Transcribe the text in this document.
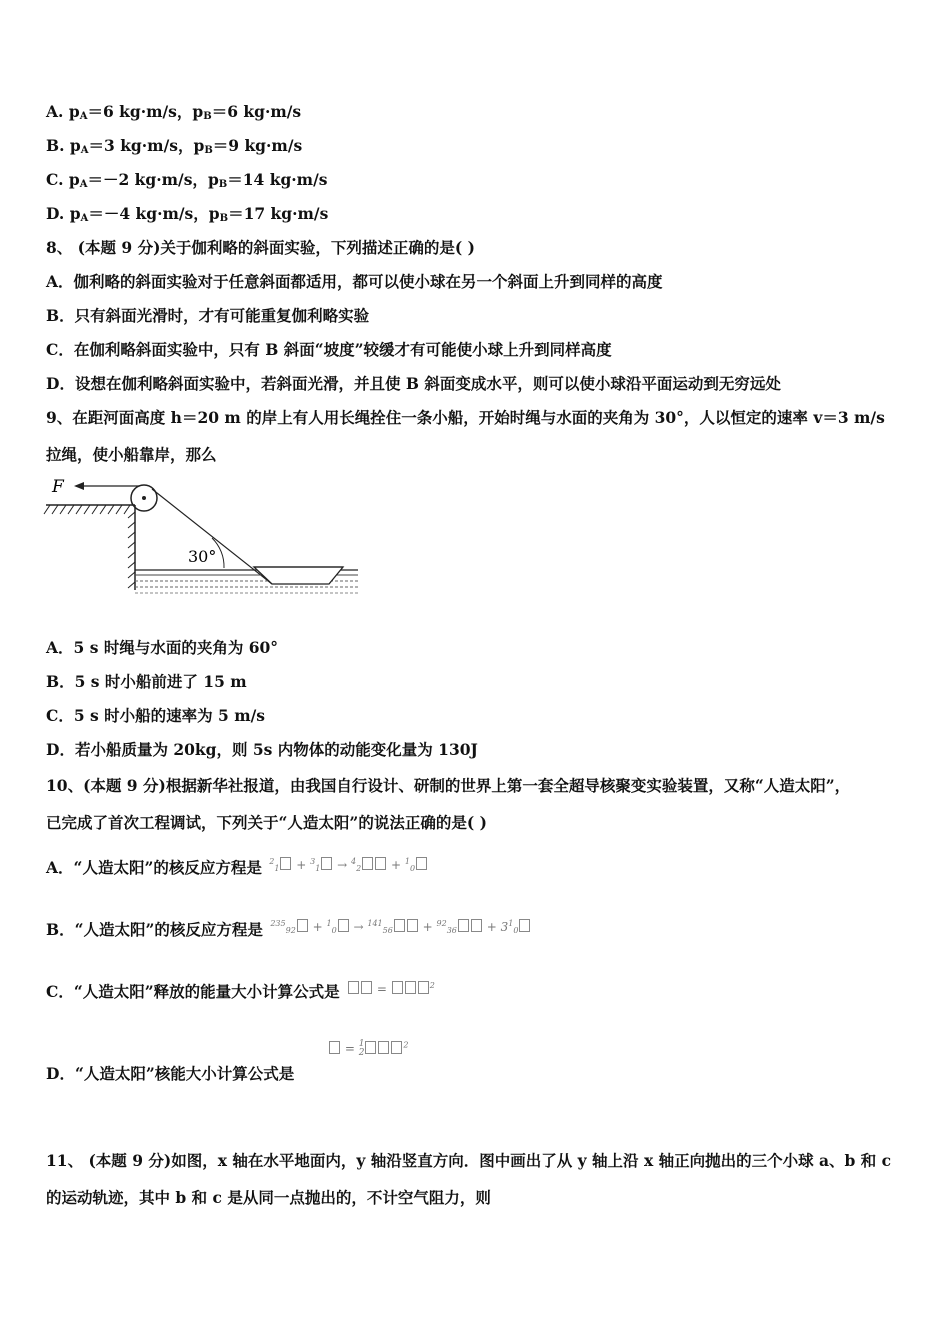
A. $p_A=6$ kg·m/s，$p_B=6$ kg·m/s
B. $p_A=3$ kg·m/s，$p_B=9$ kg·m/s
C. $p_A=-2$ kg·m/s，$p_B=14$ kg·m/s
D. $p_A=-4$ kg·m/s，$p_B=17$ kg·m/s
8、 (本题 9 分)关于伽利略的斜面实验，下列描述正确的是( )
A．伽利略的斜面实验对于任意斜面都适用，都可以使小球在另一个斜面上升到同样的高度
B．只有斜面光滑时，才有可能重复伽利略实验
C．在伽利略斜面实验中，只有 B 斜面“坡度”较缓才有可能使小球上升到同样高度
D．设想在伽利略斜面实验中，若斜面光滑，并且使 B 斜面变成水平，则可以使小球沿平面运动到无穷远处
9、在距河面高度 h＝20 m 的岸上有人用长绳拴住一条小船，开始时绳与水面的夹角为 30°，人以恒定的速率 v＝3 m/s
拉绳，使小船靠岸，那么
F
30°
A．5 s 时绳与水面的夹角为 60°
B．5 s 时小船前进了 15 m
C．5 s 时小船的速率为 5 m/s
D．若小船质量为 20kg，则 5s 内物体的动能变化量为 130J
10、(本题 9 分)根据新华社报道，由我国自行设计、研制的世界上第一套全超导核聚变实验装置，又称“人造太阳”，
已完成了首次工程调试，下列关于“人造太阳”的说法正确的是( )
A．“人造太阳”的核反应方程是 $^2_1$ + $^3_1$ → $^4_2$ + $^1_0$
B．“人造太阳”的核反应方程是 $^{235}_{92} + ^1_0 \to ^{141}_{56} + ^{92}_{36} + 3^1_0$
C．“人造太阳”释放的能量大小计算公式是	=	$^2$
D．“人造太阳”核能大小计算公式是
= 1
2
$^2$
11、 (本题 9 分)如图，x 轴在水平地面内，y 轴沿竖直方向．图中画出了从 y 轴上沿 x 轴正向抛出的三个小球 a、b 和 c
的运动轨迹，其中 b 和 c 是从同一点抛出的，不计空气阻力，则
